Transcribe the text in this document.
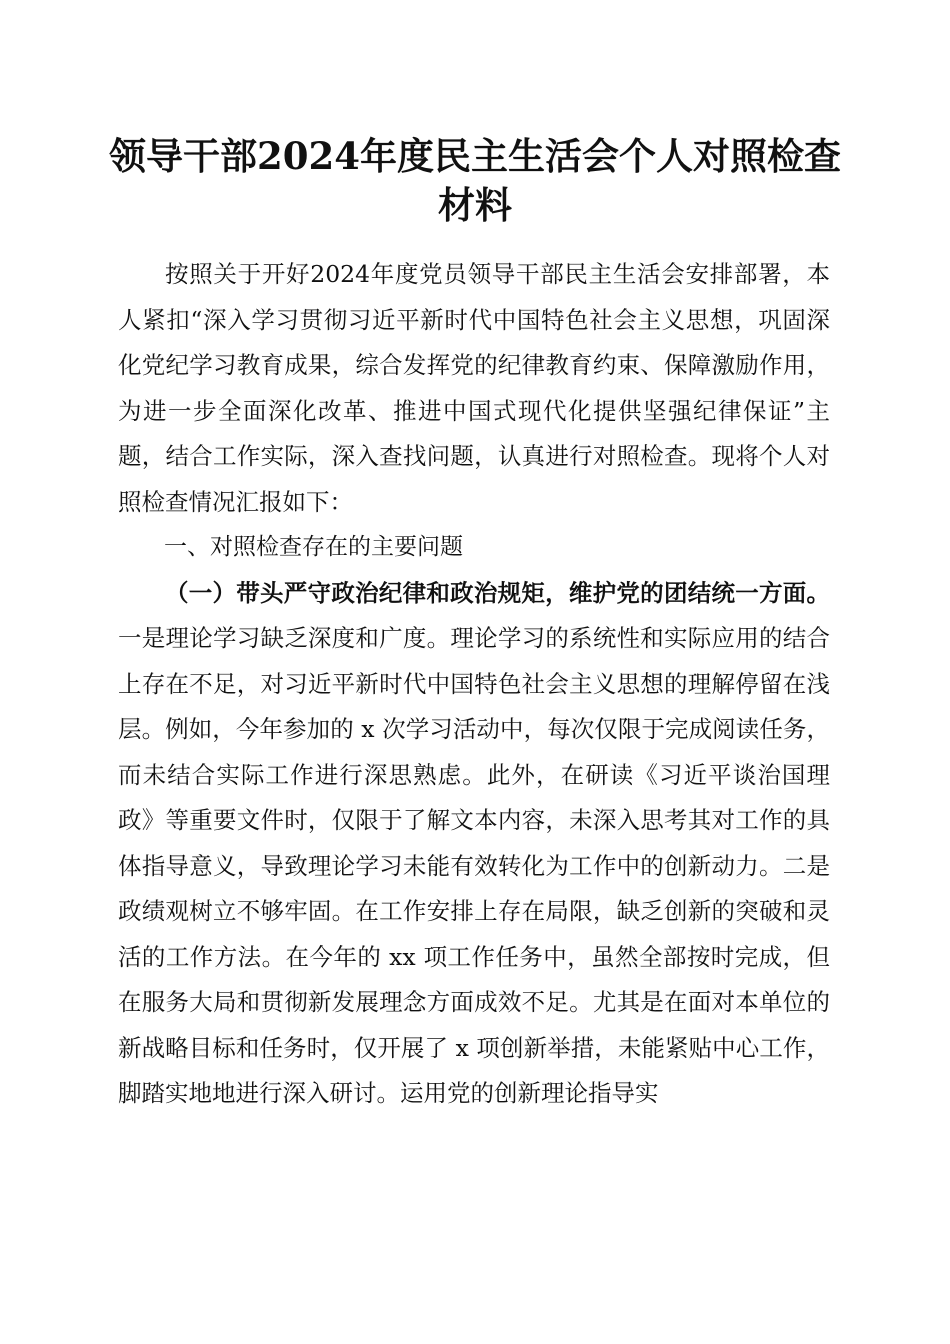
领导干部2024年度民主生活会个人对照检查
材料

按照关于开好2024年度党员领导干部民主生活会安排部署，本人紧扣“深入学习贯彻习近平新时代中国特色社会主义思想，巩固深化党纪学习教育成果，综合发挥党的纪律教育约束、保障激励作用，为进一步全面深化改革、推进中国式现代化提供坚强纪律保证”主题，结合工作实际，深入查找问题，认真进行对照检查。现将个人对照检查情况汇报如下：

一、对照检查存在的主要问题

（一）带头严守政治纪律和政治规矩，维护党的团结统一方面。一是理论学习缺乏深度和广度。理论学习的系统性和实际应用的结合上存在不足，对习近平新时代中国特色社会主义思想的理解停留在浅层。例如，今年参加的 x 次学习活动中，每次仅限于完成阅读任务，而未结合实际工作进行深思熟虑。此外，在研读《习近平谈治国理政》等重要文件时，仅限于了解文本内容，未深入思考其对工作的具体指导意义，导致理论学习未能有效转化为工作中的创新动力。二是政绩观树立不够牢固。在工作安排上存在局限，缺乏创新的突破和灵活的工作方法。在今年的 xx 项工作任务中，虽然全部按时完成，但在服务大局和贯彻新发展理念方面成效不足。尤其是在面对本单位的新战略目标和任务时，仅开展了 x 项创新举措，未能紧贴中心工作，脚踏实地地进行深入研讨。运用党的创新理论指导实
